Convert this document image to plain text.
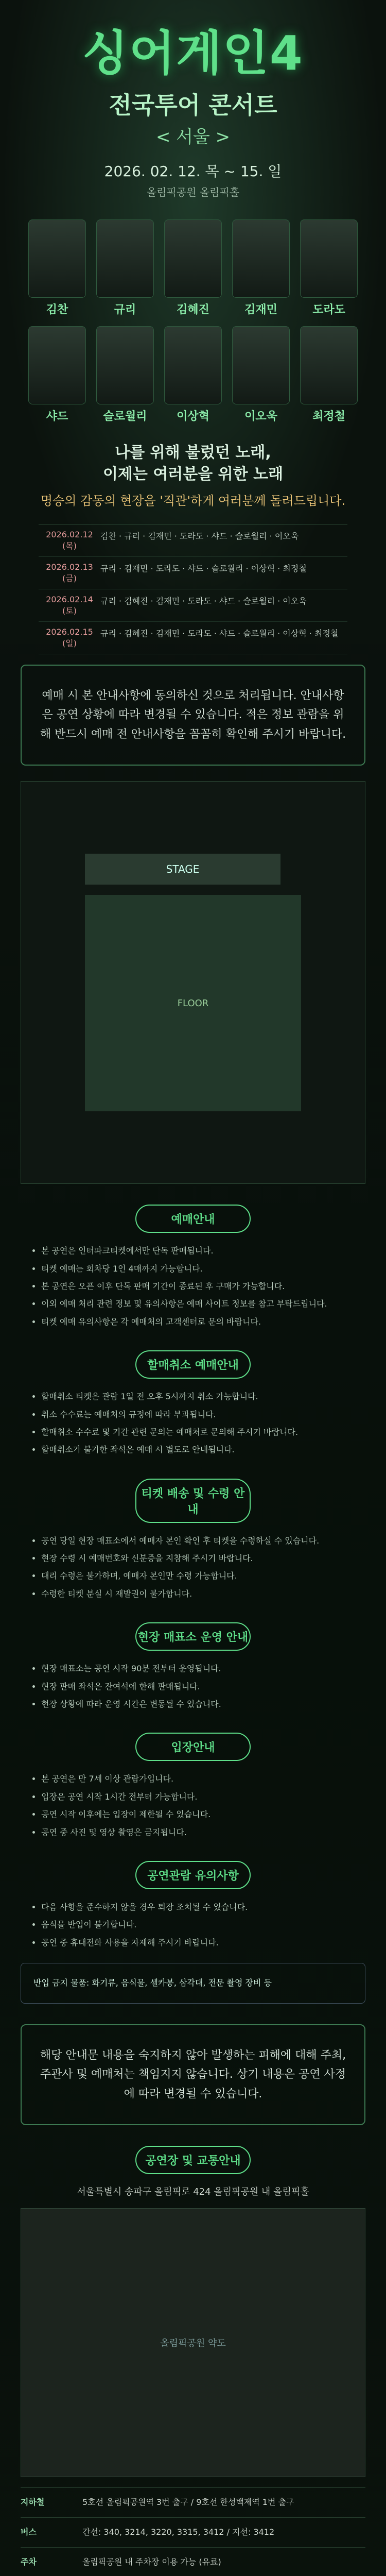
싱어게인4
전국투어 콘서트
< 서울 >
2026. 02. 12. 목 ~ 15. 일
올림픽공원 올림픽홀
김찬	규리	김혜진	김재민	도라도
샤드	슬로월리	이상혁	이오욱	최정철
나를 위해 불렀던 노래,
이제는 여러분을 위한 노래
명승의 감동의 현장을 '직관'하게 여러분께 돌려드립니다.
2026.02.12 (목)
김찬 · 규리 · 김재민 · 도라도 · 샤드 · 슬로월리 · 이오욱
2026.02.13 (금)
규리 · 김재민 · 도라도 · 샤드 · 슬로월리 · 이상혁 · 최정철
2026.02.14 (토)
규리 · 김혜진 · 김재민 · 도라도 · 샤드 · 슬로월리 · 이오욱
2026.02.15 (일)
규리 · 김혜진 · 김재민 · 도라도 · 샤드 · 슬로월리 · 이상혁 · 최정철
예매 시 본 안내사항에 동의하신 것으로 처리됩니다. 안내사항은 공연 상황에 따라 변경될 수 있습니다. 적은 정보 관람을 위해 반드시 예매 전 안내사항을 꼼꼼히 확인해 주시기 바랍니다.
STAGE
FLOOR
예매안내
• 본 공연은 인터파크티켓에서만 단독 판매됩니다.
• 티켓 예매는 회차당 1인 4매까지 가능합니다.
• 본 공연은 오픈 이후 단독 판매 기간이 종료된 후 구매가 가능합니다.
• 이외 예매 처리 관련 정보 및 유의사항은 예매 사이트 정보를 참고 부탁드립니다.
• 티켓 예매 유의사항은 각 예매처의 고객센터로 문의 바랍니다.
할매취소 예매안내
• 할매취소 티켓은 관람 1일 전 오후 5시까지 취소 가능합니다.
• 취소 수수료는 예매처의 규정에 따라 부과됩니다.
• 할매취소 수수료 및 기간 관련 문의는 예매처로 문의해 주시기 바랍니다.
• 할매취소가 불가한 좌석은 예매 시 별도로 안내됩니다.
티켓 배송 및 수령 안내
• 공연 당일 현장 매표소에서 예매자 본인 확인 후 티켓을 수령하실 수 있습니다.
• 현장 수령 시 예매번호와 신분증을 지참해 주시기 바랍니다.
• 대리 수령은 불가하며, 예매자 본인만 수령 가능합니다.
• 수령한 티켓 분실 시 재발권이 불가합니다.
현장 매표소 운영 안내
• 현장 매표소는 공연 시작 90분 전부터 운영됩니다.
• 현장 판매 좌석은 잔여석에 한해 판매됩니다.
• 현장 상황에 따라 운영 시간은 변동될 수 있습니다.
입장안내
• 본 공연은 만 7세 이상 관람가입니다.
• 입장은 공연 시작 1시간 전부터 가능합니다.
• 공연 시작 이후에는 입장이 제한될 수 있습니다.
• 공연 중 사진 및 영상 촬영은 금지됩니다.
공연관람 유의사항
• 다음 사항을 준수하지 않을 경우 퇴장 조치될 수 있습니다.
• 음식물 반입이 불가합니다.
• 공연 중 휴대전화 사용을 자제해 주시기 바랍니다.
반입 금지 물품: 화기류, 음식물, 셀카봉, 삼각대, 전문 촬영 장비 등
해당 안내문 내용을 숙지하지 않아 발생하는 피해에 대해 주최, 주관사 및 예매처는 책임지지 않습니다. 상기 내용은 공연 사정에 따라 변경될 수 있습니다.
공연장 및 교통안내
서울특별시 송파구 올림픽로 424 올림픽공원 내 올림픽홀
올림픽공원 약도
지하철	5호선 올림픽공원역 3번 출구 / 9호선 한성백제역 1번 출구
버스	간선: 340, 3214, 3220, 3315, 3412 / 지선: 3412
주차	올림픽공원 내 주차장 이용 가능 (유료)
